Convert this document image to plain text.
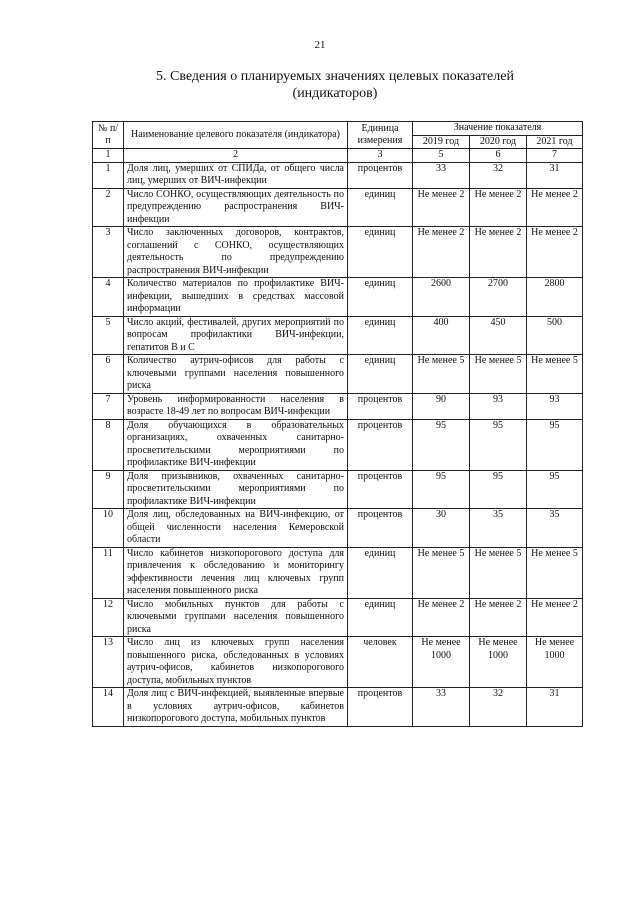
21
5. Сведения о планируемых значениях целевых показателей
(индикаторов)
№ п/п	Наименование целевого показателя (индикатора)	Единица измерения	Значение показателя		
			2019 год	2020 год	2021 год
1	2	3	5	6	7
1	Доля лиц, умерших от СПИДа, от общего числа лиц, умерших от ВИЧ-инфекции	процентов	33	32	31
2	Число СОНКО, осуществляющих деятельность по предупреждению распространения ВИЧ-инфекции	единиц	Не менее 2	Не менее 2	Не менее 2
3	Число заключенных договоров, контрактов, соглашений с СОНКО, осуществляющих деятельность по предупреждению распространения ВИЧ-инфекции	единиц	Не менее 2	Не менее 2	Не менее 2
4	Количество материалов по профилактике ВИЧ-инфекции, вышедших в средствах массовой информации	единиц	2600	2700	2800
5	Число акций, фестивалей, других мероприятий по вопросам профилактики ВИЧ-инфекции, гепатитов В и С	единиц	400	450	500
6	Количество аутрич-офисов для работы с ключевыми группами населения повышенного риска	единиц	Не менее 5	Не менее 5	Не менее 5
7	Уровень информированности населения в возрасте 18-49 лет по вопросам ВИЧ-инфекции	процентов	90	93	93
8	Доля обучающихся в образовательных организациях, охваченных санитарно-просветительскими мероприятиями по профилактике ВИЧ-инфекции	процентов	95	95	95
9	Доля призывников, охваченных санитарно-просветительскими мероприятиями по профилактике ВИЧ-инфекции	процентов	95	95	95
10	Доля лиц, обследованных на ВИЧ-инфекцию, от общей численности населения Кемеровской области	процентов	30	35	35
11	Число кабинетов низкопорогового доступа для привлечения к обследованию и мониторингу эффективности лечения лиц ключевых групп населения повышенного риска	единиц	Не менее 5	Не менее 5	Не менее 5
12	Число мобильных пунктов для работы с ключевыми группами населения повышенного риска	единиц	Не менее 2	Не менее 2	Не менее 2
13	Число лиц из ключевых групп населения повышенного риска, обследованных в условиях аутрич-офисов, кабинетов низкопорогового доступа, мобильных пунктов	человек	Не менее 1000	Не менее 1000	Не менее 1000
14	Доля лиц с ВИЧ-инфекцией, выявленные впервые в условиях аутрич-офисов, кабинетов низкопорогового доступа, мобильных пунктов	процентов	33	32	31
